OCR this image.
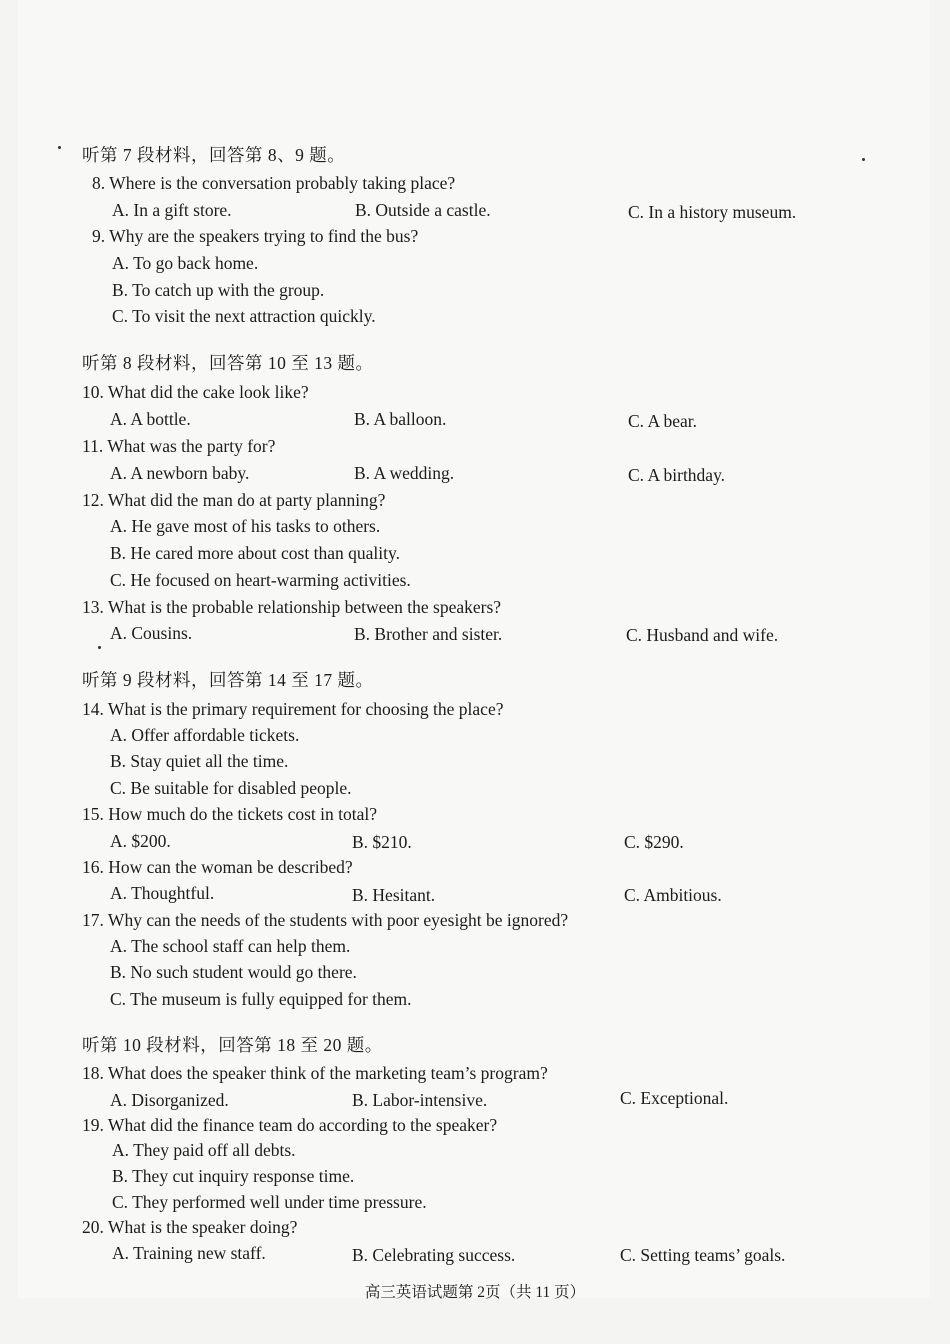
听第 7 段材料，回答第 8、9 题。
8. Where is the conversation probably taking place?
A. In a gift store.	B. Outside a castle.	C. In a history museum.
9. Why are the speakers trying to find the bus?
A. To go back home.
B. To catch up with the group.
C. To visit the next attraction quickly.
听第 8 段材料，回答第 10 至 13 题。
10. What did the cake look like?
A. A bottle.	B. A balloon.	C. A bear.
11. What was the party for?
A. A newborn baby.	B. A wedding.	C. A birthday.
12. What did the man do at party planning?
A. He gave most of his tasks to others.
B. He cared more about cost than quality.
C. He focused on heart-warming activities.
13. What is the probable relationship between the speakers?
A. Cousins.	B. Brother and sister.	C. Husband and wife.
听第 9 段材料，回答第 14 至 17 题。
14. What is the primary requirement for choosing the place?
A. Offer affordable tickets.
B. Stay quiet all the time.
C. Be suitable for disabled people.
15. How much do the tickets cost in total?
A. $200.	B. $210.	C. $290.
16. How can the woman be described?
A. Thoughtful.	B. Hesitant.	C. Ambitious.
17. Why can the needs of the students with poor eyesight be ignored?
A. The school staff can help them.
B. No such student would go there.
C. The museum is fully equipped for them.
听第 10 段材料，回答第 18 至 20 题。
18. What does the speaker think of the marketing team’s program?
A. Disorganized.	B. Labor-intensive.	C. Exceptional.
19. What did the finance team do according to the speaker?
A. They paid off all debts.
B. They cut inquiry response time.
C. They performed well under time pressure.
20. What is the speaker doing?
A. Training new staff.	B. Celebrating success.	C. Setting teams’ goals.
高三英语试题第 2页（共 11 页）
